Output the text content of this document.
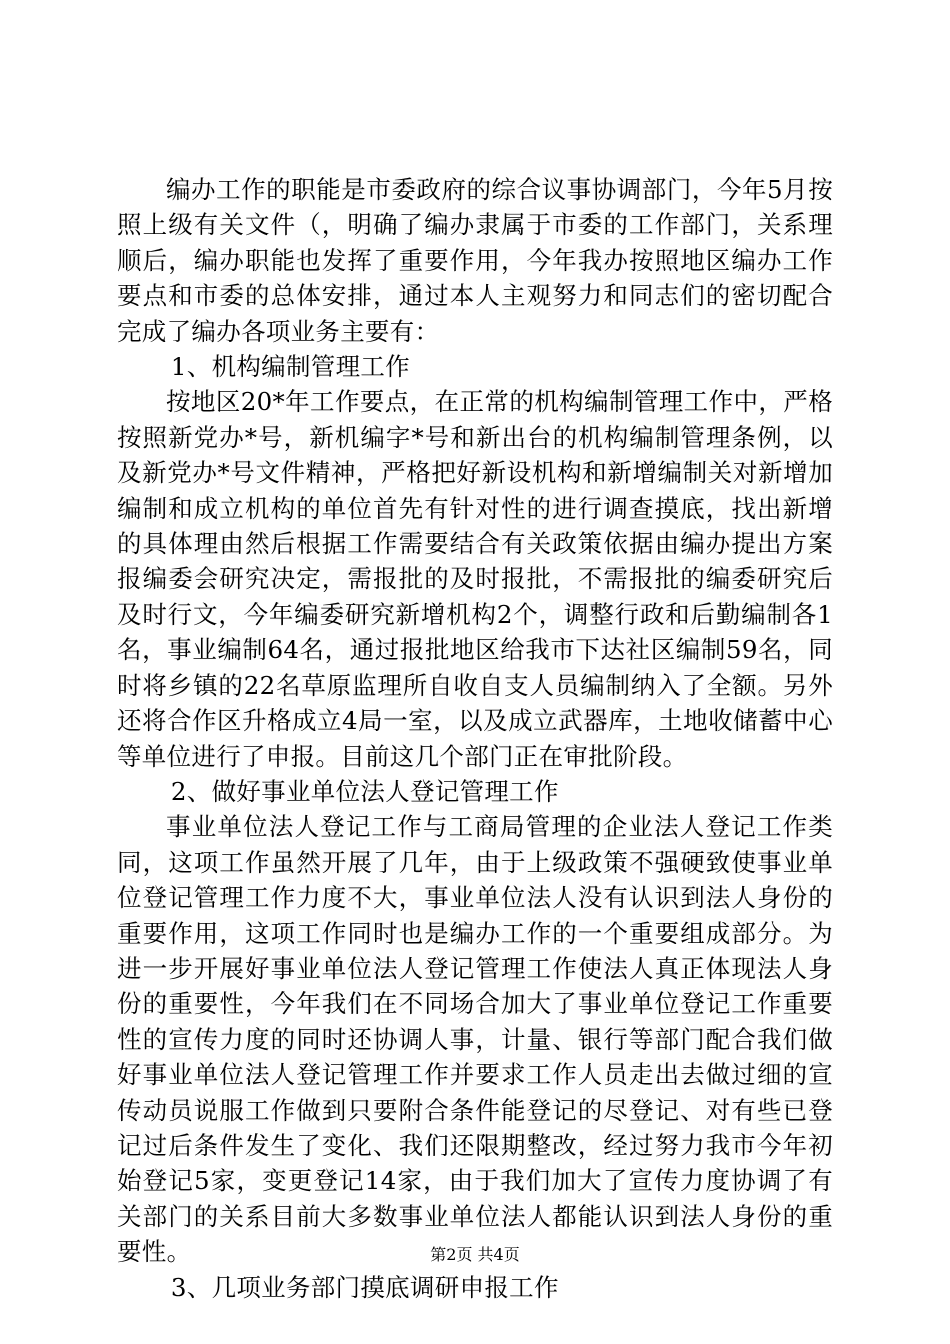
编办工作的职能是市委政府的综合议事协调部门，今年5月按照上级有关文件（，明确了编办隶属于市委的工作部门，关系理顺后，编办职能也发挥了重要作用，今年我办按照地区编办工作要点和市委的总体安排，通过本人主观努力和同志们的密切配合完成了编办各项业务主要有：

1、机构编制管理工作

按地区20*年工作要点，在正常的机构编制管理工作中，严格按照新党办*号，新机编字*号和新出台的机构编制管理条例，以及新党办*号文件精神，严格把好新设机构和新增编制关对新增加编制和成立机构的单位首先有针对性的进行调查摸底，找出新增的具体理由然后根据工作需要结合有关政策依据由编办提出方案报编委会研究决定，需报批的及时报批，不需报批的编委研究后及时行文，今年编委研究新增机构2个，调整行政和后勤编制各1名，事业编制64名，通过报批地区给我市下达社区编制59名，同时将乡镇的22名草原监理所自收自支人员编制纳入了全额。另外还将合作区升格成立4局一室，以及成立武器库，土地收储蓄中心等单位进行了申报。目前这几个部门正在审批阶段。

2、做好事业单位法人登记管理工作

事业单位法人登记工作与工商局管理的企业法人登记工作类同，这项工作虽然开展了几年，由于上级政策不强硬致使事业单位登记管理工作力度不大，事业单位法人没有认识到法人身份的重要作用，这项工作同时也是编办工作的一个重要组成部分。为进一步开展好事业单位法人登记管理工作使法人真正体现法人身份的重要性，今年我们在不同场合加大了事业单位登记工作重要性的宣传力度的同时还协调人事，计量、银行等部门配合我们做好事业单位法人登记管理工作并要求工作人员走出去做过细的宣传动员说服工作做到只要附合条件能登记的尽登记、对有些已登记过后条件发生了变化、我们还限期整改，经过努力我市今年初始登记5家，变更登记14家，由于我们加大了宣传力度协调了有关部门的关系目前大多数事业单位法人都能认识到法人身份的重要性。

3、几项业务部门摸底调研申报工作

第2页 共4页
